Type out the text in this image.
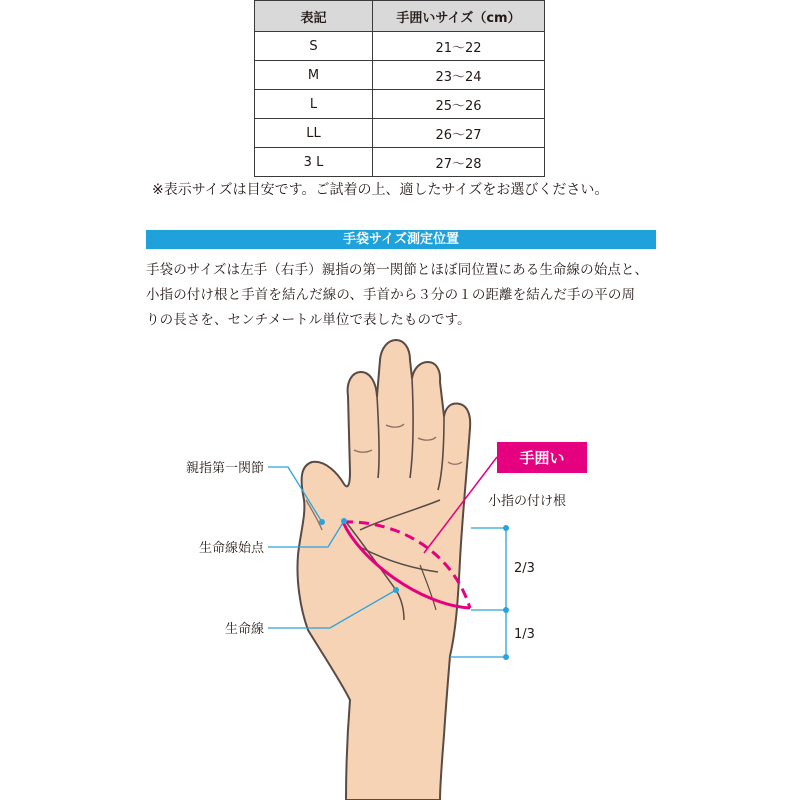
表記	手囲いサイズ（cm）
S	21～22
M	23～24
L	25～26
LL	26～27
3 L	27～28
※表示サイズは目安です。ご試着の上、適したサイズをお選びください。
手袋サイズ測定位置
手袋のサイズは左手（右手）親指の第一関節とほぼ同位置にある生命線の始点と、
小指の付け根と手首を結んだ線の、手首から３分の１の距離を結んだ手の平の周
りの長さを、センチメートル単位で表したものです。
手囲い
親指第一関節
生命線始点
生命線
小指の付け根
2/3
1/3
